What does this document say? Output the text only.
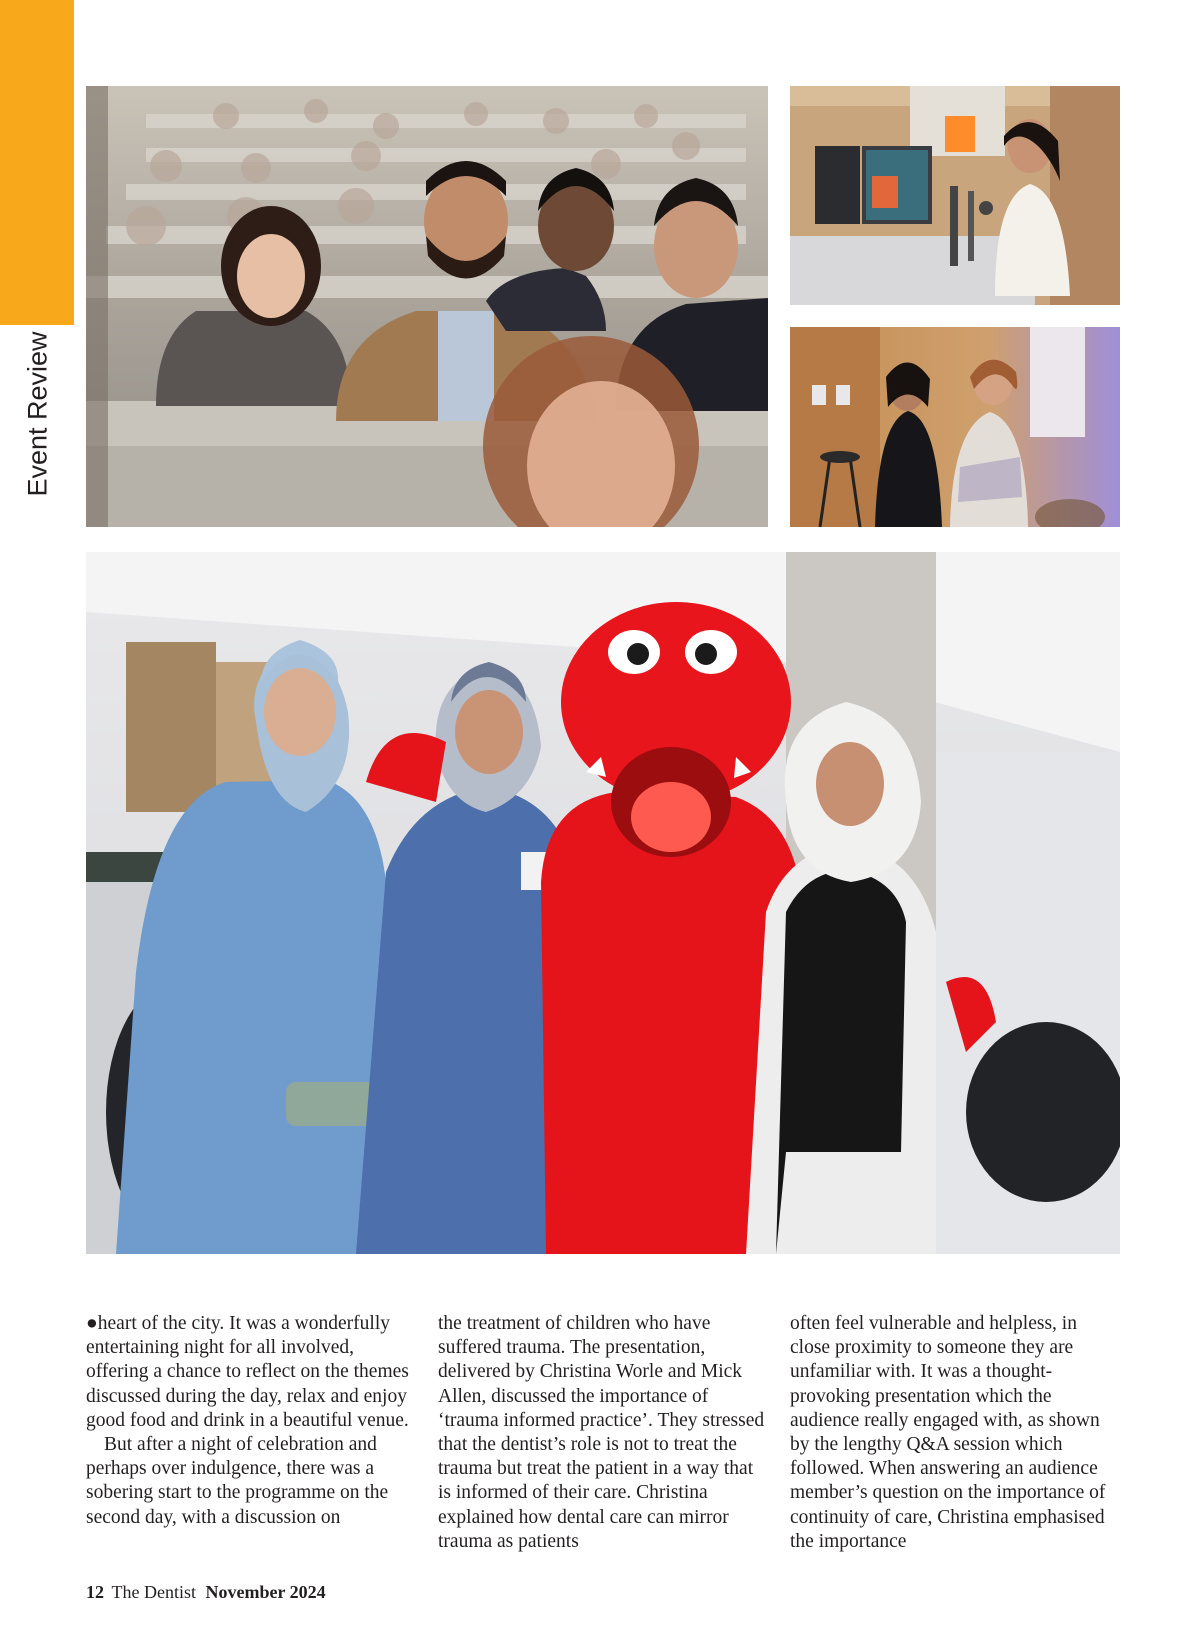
Event Review

●heart of the city. It was a wonderfully entertaining night for all involved, offering a chance to reflect on the themes discussed during the day, relax and enjoy good food and drink in a beautiful venue.

But after a night of celebration and perhaps over indulgence, there was a sobering start to the programme on the second day, with a discussion on

the treatment of children who have suffered trauma. The presentation, delivered by Christina Worle and Mick Allen, discussed the importance of ‘trauma informed practice’. They stressed that the dentist’s role is not to treat the trauma but treat the patient in a way that is informed of their care. Christina explained how dental care can mirror trauma as patients

often feel vulnerable and helpless, in close proximity to someone they are unfamiliar with. It was a thought-provoking presentation which the audience really engaged with, as shown by the lengthy Q&A session which followed. When answering an audience member’s question on the importance of continuity of care, Christina emphasised the importance

12 The Dentist November 2024
